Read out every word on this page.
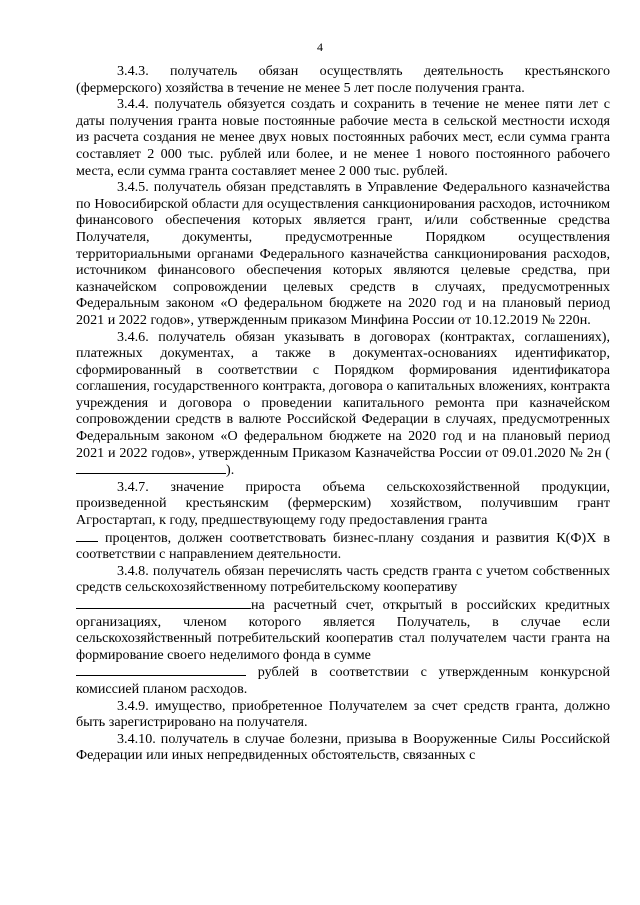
4

3.4.3. получатель обязан осуществлять деятельность крестьянского (фермерского) хозяйства в течение не менее 5 лет после получения гранта.

3.4.4. получатель обязуется создать и сохранить в течение не менее пяти лет с даты получения гранта новые постоянные рабочие места в сельской местности исходя из расчета создания не менее двух новых постоянных рабочих мест, если сумма гранта составляет 2 000 тыс. рублей или более, и не менее 1 нового постоянного рабочего места, если сумма гранта составляет менее 2 000 тыс. рублей.

3.4.5. получатель обязан представлять в Управление Федерального казначейства по Новосибирской области для осуществления санкционирования расходов, источником финансового обеспечения которых является грант, и/или собственные средства Получателя, документы, предусмотренные Порядком осуществления территориальными органами Федерального казначейства санкционирования расходов, источником финансового обеспечения которых являются целевые средства, при казначейском сопровождении целевых средств в случаях, предусмотренных Федеральным законом «О федеральном бюджете на 2020 год и на плановый период 2021 и 2022 годов», утвержденным приказом Минфина России от 10.12.2019 № 220н.

3.4.6. получатель обязан указывать в договорах (контрактах, соглашениях), платежных документах, а также в документах-основаниях идентификатор, сформированный в соответствии с Порядком формирования идентификатора соглашения, государственного контракта, договора о капитальных вложениях, контракта учреждения и договора о проведении капитального ремонта при казначейском сопровождении средств в валюте Российской Федерации в случаях, предусмотренных Федеральным законом «О федеральном бюджете на 2020 год и на плановый период 2021 и 2022 годов», утвержденным Приказом Казначейства России от 09.01.2020 № 2н ().

3.4.7. значение прироста объема сельскохозяйственной продукции, произведенной крестьянским (фермерским) хозяйством, получившим грант Агростартап, к году, предшествующему году предоставления гранта

процентов, должен соответствовать бизнес-плану создания и развития К(Ф)Х в соответствии с направлением деятельности.

3.4.8. получатель обязан перечислять часть средств гранта с учетом собственных средств сельскохозяйственному потребительскому кооперативу

на расчетный счет, открытый в российских кредитных организациях, членом которого является Получатель, в случае если сельскохозяйственный потребительский кооператив стал получателем части гранта на формирование своего неделимого фонда в сумме

рублей в соответствии с утвержденным конкурсной комиссией планом расходов.

3.4.9. имущество, приобретенное Получателем за счет средств гранта, должно быть зарегистрировано на получателя.

3.4.10. получатель в случае болезни, призыва в Вооруженные Силы Российской Федерации или иных непредвиденных обстоятельств, связанных с
